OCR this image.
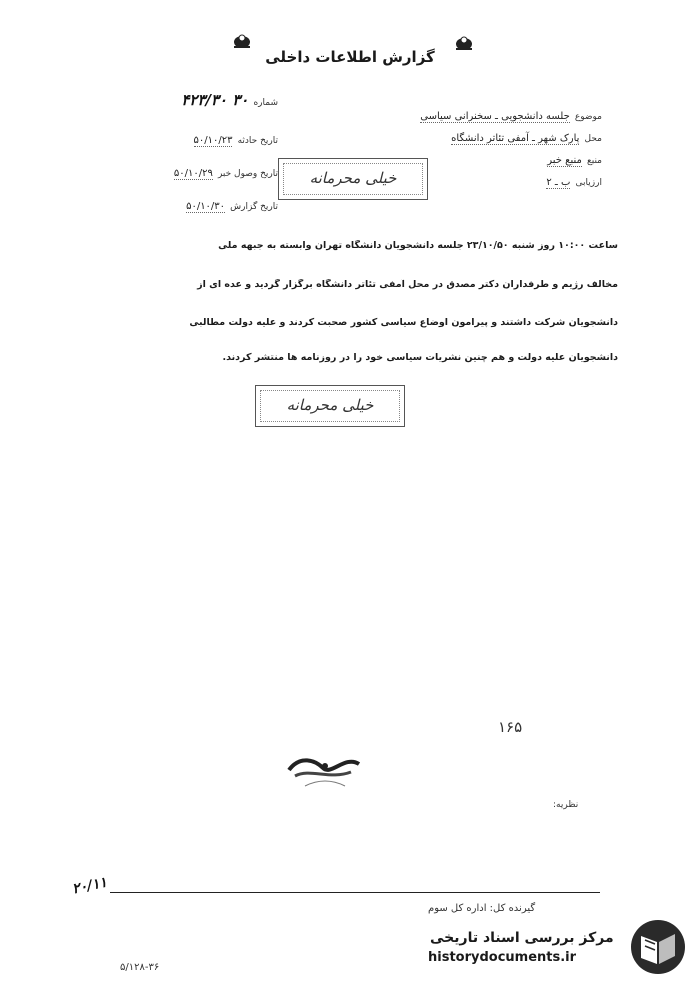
گزارش اطلاعات داخلی
موضوع جلسه دانشجویی ـ سخنرانی سیاسی
محل پارک شهر ـ آمفی تئاتر دانشگاه
منبع منبع خبر
ارزیابی ب ـ ۲
شماره ۳۰ ۴۲۳/۳۰
تاریخ حادثه ۵۰/۱۰/۲۳
تاریخ وصول خبر ۵۰/۱۰/۲۹
تاریخ گزارش ۵۰/۱۰/۳۰
خیلی محرمانه
ساعت ۱۰:۰۰ روز شنبه ۲۳/۱۰/۵۰ جلسه دانشجویان دانشگاه تهران وابسته به جبهه ملی
مخالف رژیم و طرفداران دکتر مصدق در محل آمفی تئاتر دانشگاه برگزار گردید و عده ای از
دانشجویان شرکت داشتند و پیرامون اوضاع سیاسی کشور صحبت کردند و علیه دولت مطالبی
دانشجویان علیه دولت و هم چنین نشریات سیاسی خود را در روزنامه ها منتشر کردند.
خیلی محرمانه
۱۶۵
نظریه:
۲۰/۱۱
گیرنده کل: اداره کل سوم
۵/۱۲۸-۳۶
مرکز بررسی اسناد تاریخی
historydocuments.ir
